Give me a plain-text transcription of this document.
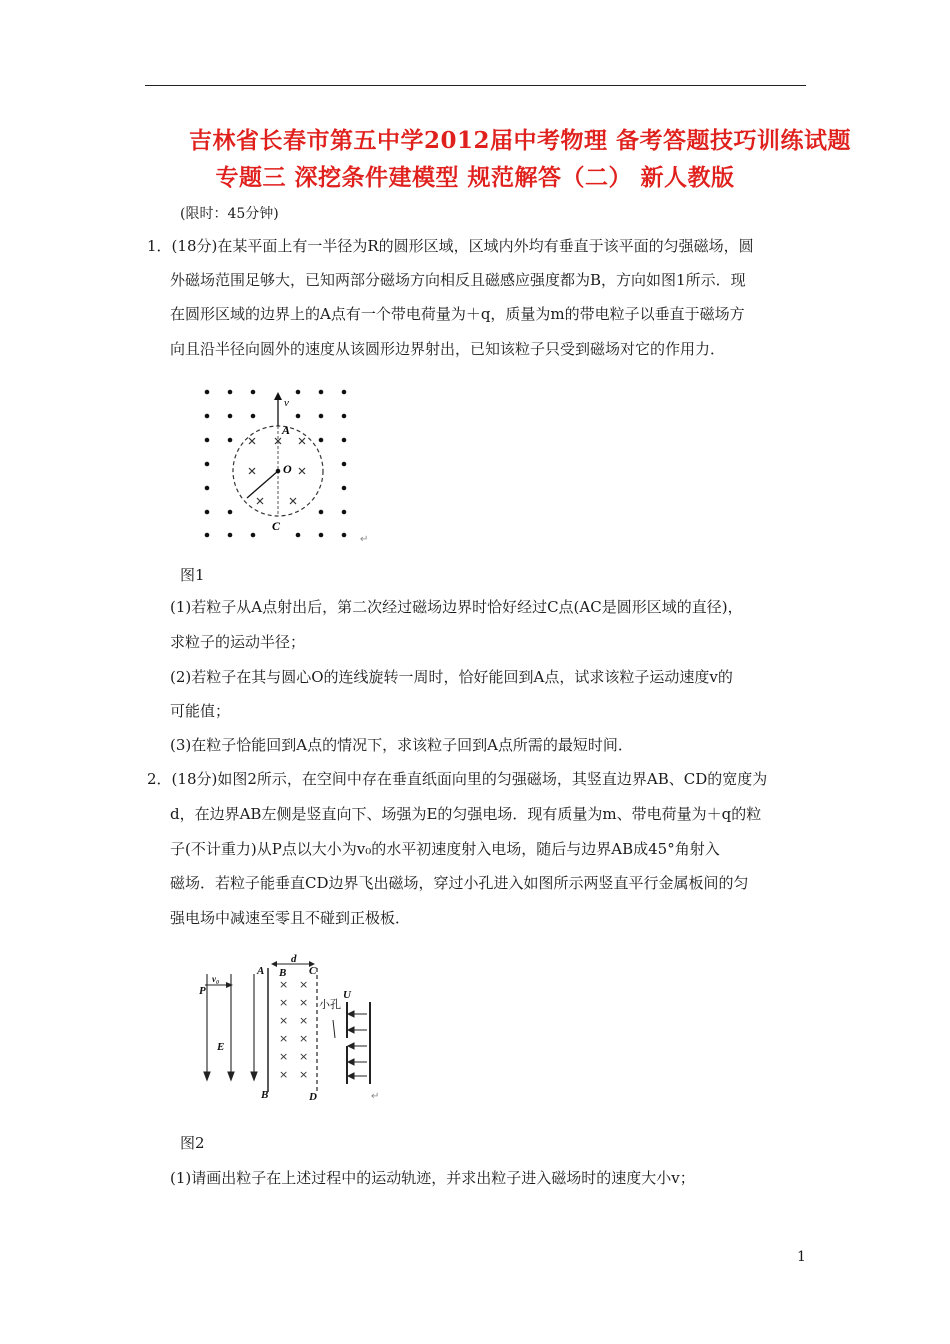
吉林省长春市第五中学2012届中考物理 备考答题技巧训练试题
专题三 深挖条件建模型 规范解答（二） 新人教版
(限时：45分钟)
1．(18分)在某平面上有一半径为R的圆形区域，区域内外均有垂直于该平面的匀强磁场，圆
外磁场范围足够大，已知两部分磁场方向相反且磁感应强度都为B，方向如图1所示．现
在圆形区域的边界上的A点有一个带电荷量为＋q，质量为m的带电粒子以垂直于磁场方
向且沿半径向圆外的速度从该圆形边界射出，已知该粒子只受到磁场对它的作用力．
v
A
O
C
↵
图1
(1)若粒子从A点射出后，第二次经过磁场边界时恰好经过C点(AC是圆形区域的直径)，
求粒子的运动半径；
(2)若粒子在其与圆心O的连线旋转一周时，恰好能回到A点，试求该粒子运动速度v的
可能值；
(3)在粒子恰能回到A点的情况下，求该粒子回到A点所需的最短时间．
2．(18分)如图2所示，在空间中存在垂直纸面向里的匀强磁场，其竖直边界AB、CD的宽度为
d，在边界AB左侧是竖直向下、场强为E的匀强电场．现有质量为m、带电荷量为＋q的粒
子(不计重力)从P点以大小为v₀的水平初速度射入电场，随后与边界AB成45°角射入
磁场．若粒子能垂直CD边界飞出磁场，穿过小孔进入如图所示两竖直平行金属板间的匀
强电场中减速至零且不碰到正极板．
× ×
× ×
× ×
× ×
× ×
× ×
A
d
C
B
P
v₀
E
B	D
U
小孔
↵
图2
(1)请画出粒子在上述过程中的运动轨迹，并求出粒子进入磁场时的速度大小v；
1
